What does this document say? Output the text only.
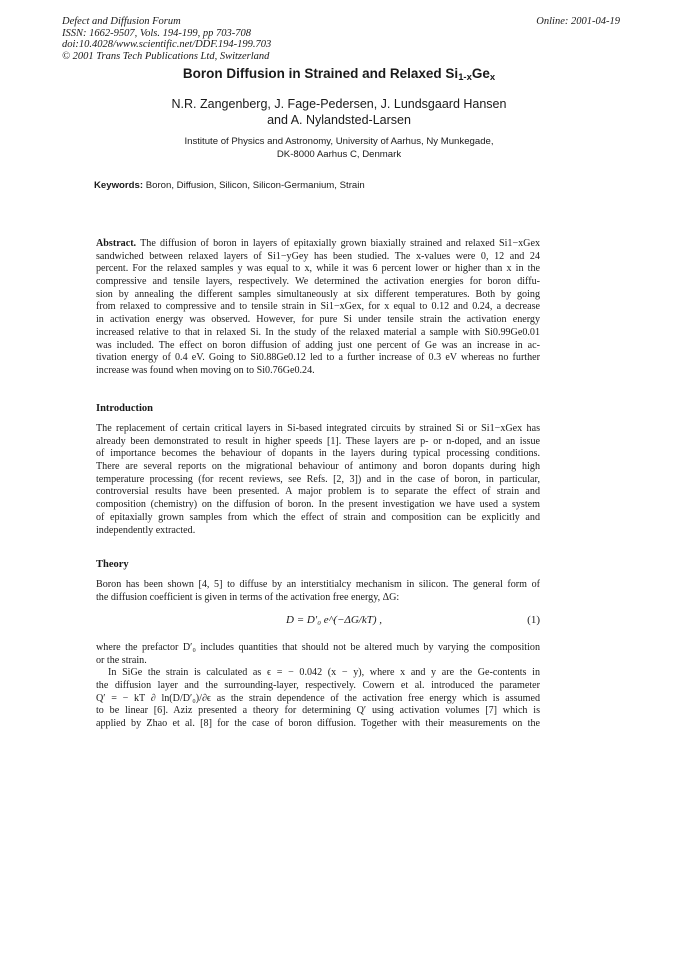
Defect and Diffusion Forum
ISSN: 1662-9507, Vols. 194-199, pp 703-708
doi:10.4028/www.scientific.net/DDF.194-199.703
© 2001 Trans Tech Publications Ltd, Switzerland
Online: 2001-04-19
Boron Diffusion in Strained and Relaxed $Si_{1-x}Ge_x$
N.R. Zangenberg, J. Fage-Pedersen, J. Lundsgaard Hansen
and A. Nylandsted-Larsen
Institute of Physics and Astronomy, University of Aarhus, Ny Munkegade,
DK-8000 Aarhus C, Denmark
Keywords: Boron, Diffusion, Silicon, Silicon-Germanium, Strain
Abstract. The diffusion of boron in layers of epitaxially grown biaxially strained and relaxed Si1−xGex
sandwiched between relaxed layers of Si1−yGey has been studied. The x-values were 0, 12 and 24
percent. For the relaxed samples y was equal to x, while it was 6 percent lower or higher than x in the
compressive and tensile layers, respectively. We determined the activation energies for boron diffu-
sion by annealing the different samples simultaneously at six different temperatures. Both by going
from relaxed to compressive and to tensile strain in Si1−xGex, for x equal to 0.12 and 0.24, a decrease
in activation energy was observed. However, for pure Si under tensile strain the activation energy
increased relative to that in relaxed Si. In the study of the relaxed material a sample with Si0.99Ge0.01
was included. The effect on boron diffusion of adding just one percent of Ge was an increase in ac-
tivation energy of 0.4 eV. Going to Si0.88Ge0.12 led to a further increase of 0.3 eV whereas no further
increase was found when moving on to Si0.76Ge0.24.
Introduction
The replacement of certain critical layers in Si-based integrated circuits by strained Si or Si1−xGex has
already been demonstrated to result in higher speeds [1]. These layers are p- or n-doped, and an issue
of importance becomes the behaviour of dopants in the layers during typical processing conditions.
There are several reports on the migrational behaviour of antimony and boron dopants during high
temperature processing (for recent reviews, see Refs. [2, 3]) and in the case of boron, in particular,
controversial results have been presented. A major problem is to separate the effect of strain and
composition (chemistry) on the diffusion of boron. In the present investigation we have used a system
of epitaxially grown samples from which the effect of strain and composition can be explicitly and
independently extracted.
Theory
Boron has been shown [4, 5] to diffuse by an interstitialcy mechanism in silicon. The general form of
the diffusion coefficient is given in terms of the activation free energy, ΔG:
D = D′₀ e^(−ΔG/kT) ,	(1)
where the prefactor D′₀ includes quantities that should not be altered much by varying the composition
or the strain.
In SiGe the strain is calculated as ϵ = − 0.042 (x − y), where x and y are the Ge-contents in
the diffusion layer and the surrounding-layer, respectively. Cowern et al. introduced the parameter
Q′ = − kT ∂ ln(D/D′₀)/∂ϵ as the strain dependence of the activation free energy which is assumed
to be linear [6]. Aziz presented a theory for determining Q′ using activation volumes [7] which is
applied by Zhao et al. [8] for the case of boron diffusion. Together with their measurements on the
